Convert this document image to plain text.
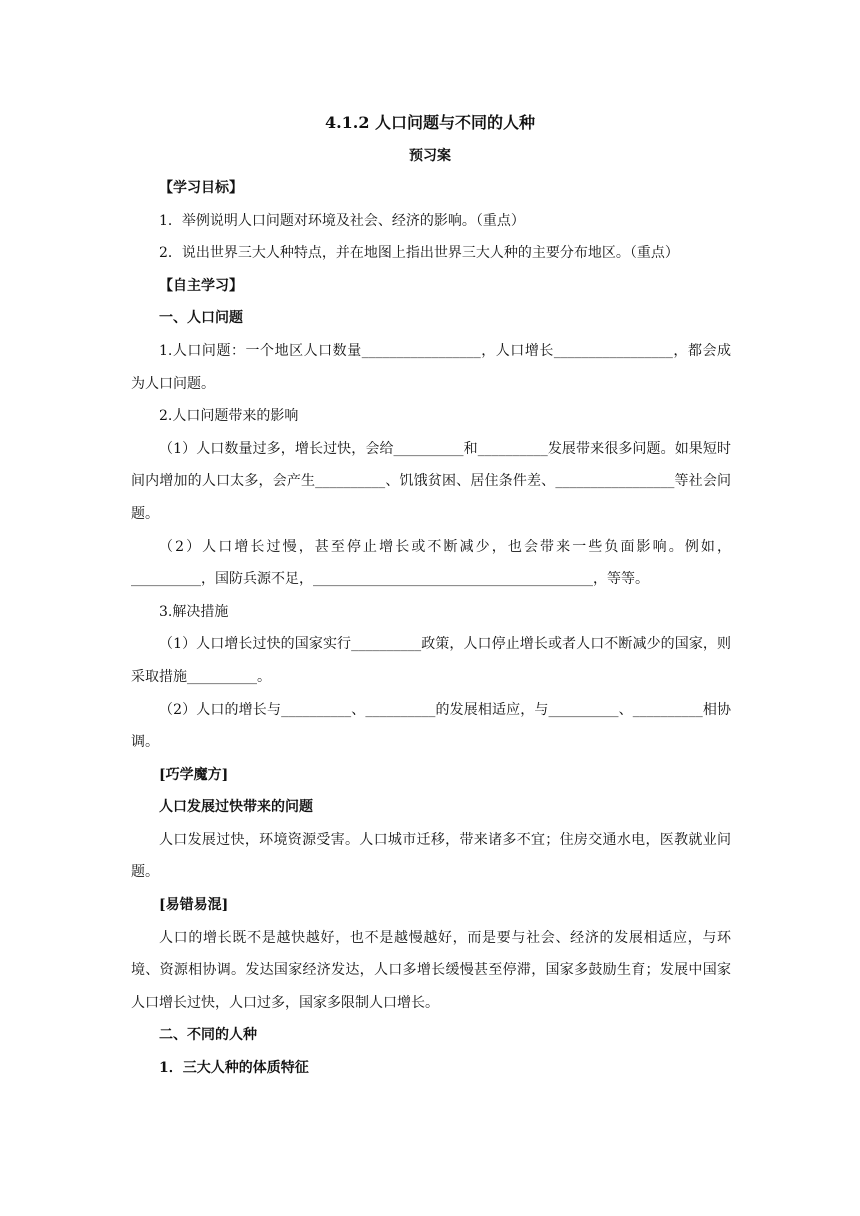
4.1.2 人口问题与不同的人种
预习案
【学习目标】
1．举例说明人口问题对环境及社会、经济的影响。（重点）
2．说出世界三大人种特点，并在地图上指出世界三大人种的主要分布地区。（重点）
【自主学习】
一、人口问题
1.人口问题：一个地区人口数量_________________，人口增长_________________，都会成为人口问题。
2.人口问题带来的影响
（1）人口数量过多，增长过快，会给__________和__________发展带来很多问题。如果短时间内增加的人口太多，会产生__________、饥饿贫困、居住条件差、_________________等社会问题。
（2）人口增长过慢，甚至停止增长或不断减少，也会带来一些负面影响。例如，__________，国防兵源不足，________________________________________，等等。
3.解决措施
（1）人口增长过快的国家实行__________政策，人口停止增长或者人口不断减少的国家，则采取措施__________。
（2）人口的增长与__________、__________的发展相适应，与__________、__________相协调。
[巧学魔方]
人口发展过快带来的问题
人口发展过快，环境资源受害。人口城市迁移，带来诸多不宜；住房交通水电，医教就业问题。
[易错易混]
人口的增长既不是越快越好，也不是越慢越好，而是要与社会、经济的发展相适应，与环境、资源相协调。发达国家经济发达，人口多增长缓慢甚至停滞，国家多鼓励生育；发展中国家人口增长过快，人口过多，国家多限制人口增长。
二、不同的人种
1．三大人种的体质特征
